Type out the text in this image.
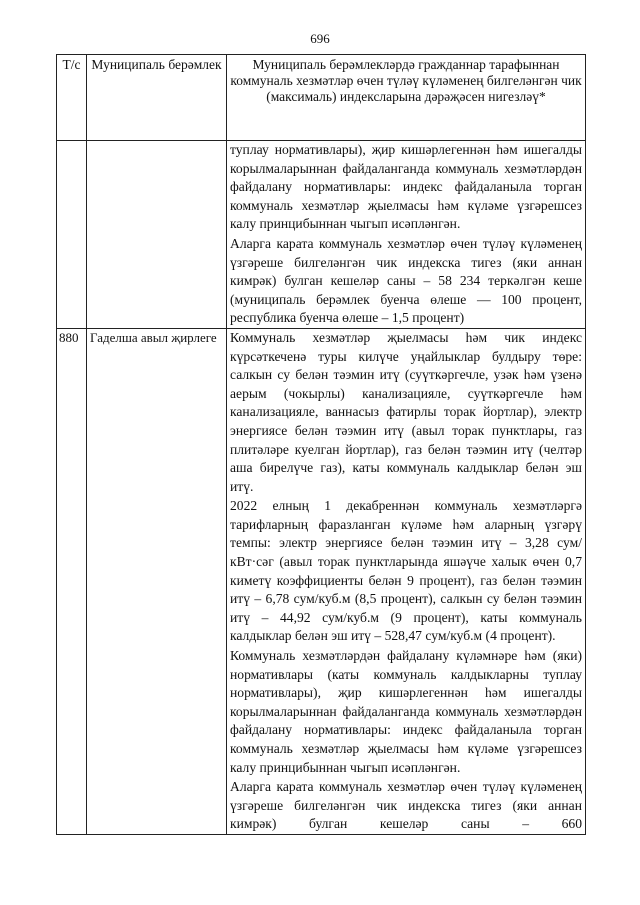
696
Т/с	Муниципаль берәмлек	Муниципаль берәмлекләрдә гражданнар тарафыннан коммуналь хезмәтләр өчен түләү күләменең билгеләнгән чик (максималь) индексларына дәрәҗәсен нигезләү*

		туплау нормативлары), җир кишәрлегеннән һәм ишегалды корылмаларыннан файдаланганда коммуналь хезмәтләрдән файдалану нормативлары: индекс файдаланыла торган коммуналь хезмәтләр җыелмасы һәм күләме үзгәрешсез калу принцибыннан чыгып исәпләнгән.

Аларга карата коммуналь хезмәтләр өчен түләү күләменең үзгәреше билгеләнгән чик индекска тигез (яки аннан кимрәк) булган кешеләр саны – 58 234 теркәлгән кеше (муниципаль берәмлек буенча өлеше — 100 процент, республика буенча өлеше – 1,5 процент)

880	Гаделша авыл җирлеге	Коммуналь хезмәтләр җыелмасы һәм чик индекс күрсәткеченә туры килүче уңайлыклар булдыру төре: салкын су белән тәэмин итү (суүткәргечле, узәк һәм үзенә аерым (чокырлы) канализацияле, суүткәргечле һәм канализацияле, ваннасыз фатирлы торак йортлар), электр энергиясе белән тәэмин итү (авыл торак пунктлары, газ плитәләре куелган йортлар), газ белән тәэмин итү (челтәр аша бирелүче газ), каты коммуналь калдыклар белән эш итү.

2022 елның 1 декабреннән коммуналь хезмәтләргә тарифларның фаразланган күләме һәм аларның үзгәрү темпы: электр энергиясе белән тәэмин итү – 3,28 сум/кВт·сәг (авыл торак пунктларында яшәүче халык өчен 0,7 киметү коэффициенты белән 9 процент), газ белән тәэмин итү – 6,78 сум/куб.м (8,5 процент), салкын су белән тәэмин итү – 44,92 сум/куб.м (9 процент), каты коммуналь калдыклар белән эш итү – 528,47 сум/куб.м (4 процент).

Коммуналь хезмәтләрдән файдалану күләмнәре һәм (яки) нормативлары (каты коммуналь калдыкларны туплау нормативлары), җир кишәрлегеннән һәм ишегалды корылмаларыннан файдаланганда коммуналь хезмәтләрдән файдалану нормативлары: индекс файдаланыла торган коммуналь хезмәтләр җыелмасы һәм күләме үзгәрешсез калу принцибыннан чыгып исәпләнгән.

Аларга карата коммуналь хезмәтләр өчен түләү күләменең үзгәреше билгеләнгән чик индекска тигез (яки аннан кимрәк) булган кешеләр саны – 660
